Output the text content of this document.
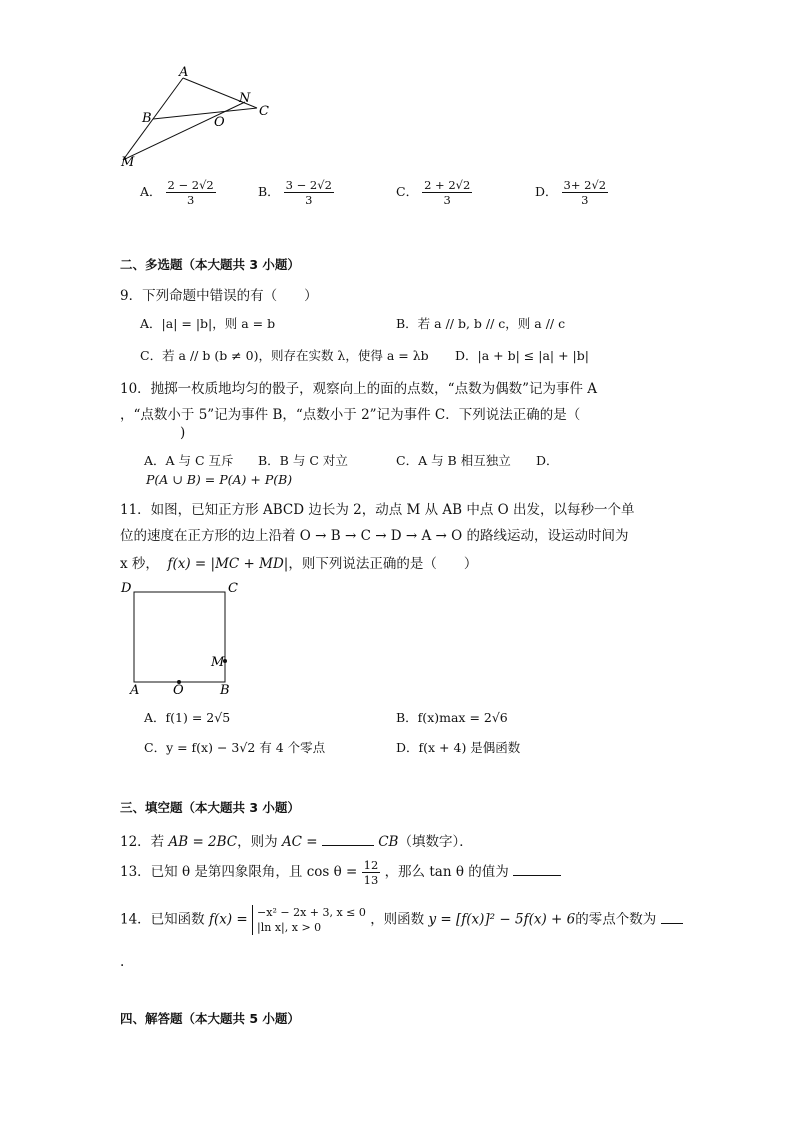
A
N
C
B	O
M
A． $\frac{2 - 2√2}{3}$	B． $\frac{3 - 2√2}{3}$	C． $\frac{2 + 2√2}{3}$	D． $\frac{3+ 2√2}{3}$
二、多选题（本大题共 3 小题）
9．下列命题中错误的有（　　）
A．|a| = |b|，则 a = b	B．若 a // b, b // c，则 a // c
C．若 a // b (b ≠ 0)，则存在实数 λ，使得 a = λb D．|a + b| ≤ |a| + |b|
10．抛掷一枚质地均匀的骰子，观察向上的面的点数，“点数为偶数”记为事件 A
，“点数小于 5”记为事件 B，“点数小于 2”记为事件 C．下列说法正确的是（
)
A．A 与 C 互斥 B．B 与 C 对立	C．A 与 B 相互独立 D．
P(A ∪ B) = P(A) + P(B)
11．如图，已知正方形 ABCD 边长为 2，动点 M 从 AB 中点 O 出发，以每秒一个单
位的速度在正方形的边上沿着 O → B → C → D → A → O 的路线运动，设运动时间为
x 秒， f(x) = |MC + MD|，则下列说法正确的是（　　）
D	C
A	O	B
M
A．f(1) = 2√5	B．f(x)max = 2√6
C．y = f(x) − 3√2 有 4 个零点	D．f(x + 4) 是偶函数
三、填空题（本大题共 3 小题）
12．若 AB = 2BC，则为 AC =	CB（填数字）．
13．已知 θ 是第四象限角，且 $\cos \theta = \frac{12}{13}$ ，那么 tan θ 的值为
14．已知函数 f(x) = −x² − 2x + 3, x ≤ 0
|ln x|, x > 0	，则函数 y = [f(x)]² − 5f(x) + 6的零点个数为
.
四、解答题（本大题共 5 小题）
